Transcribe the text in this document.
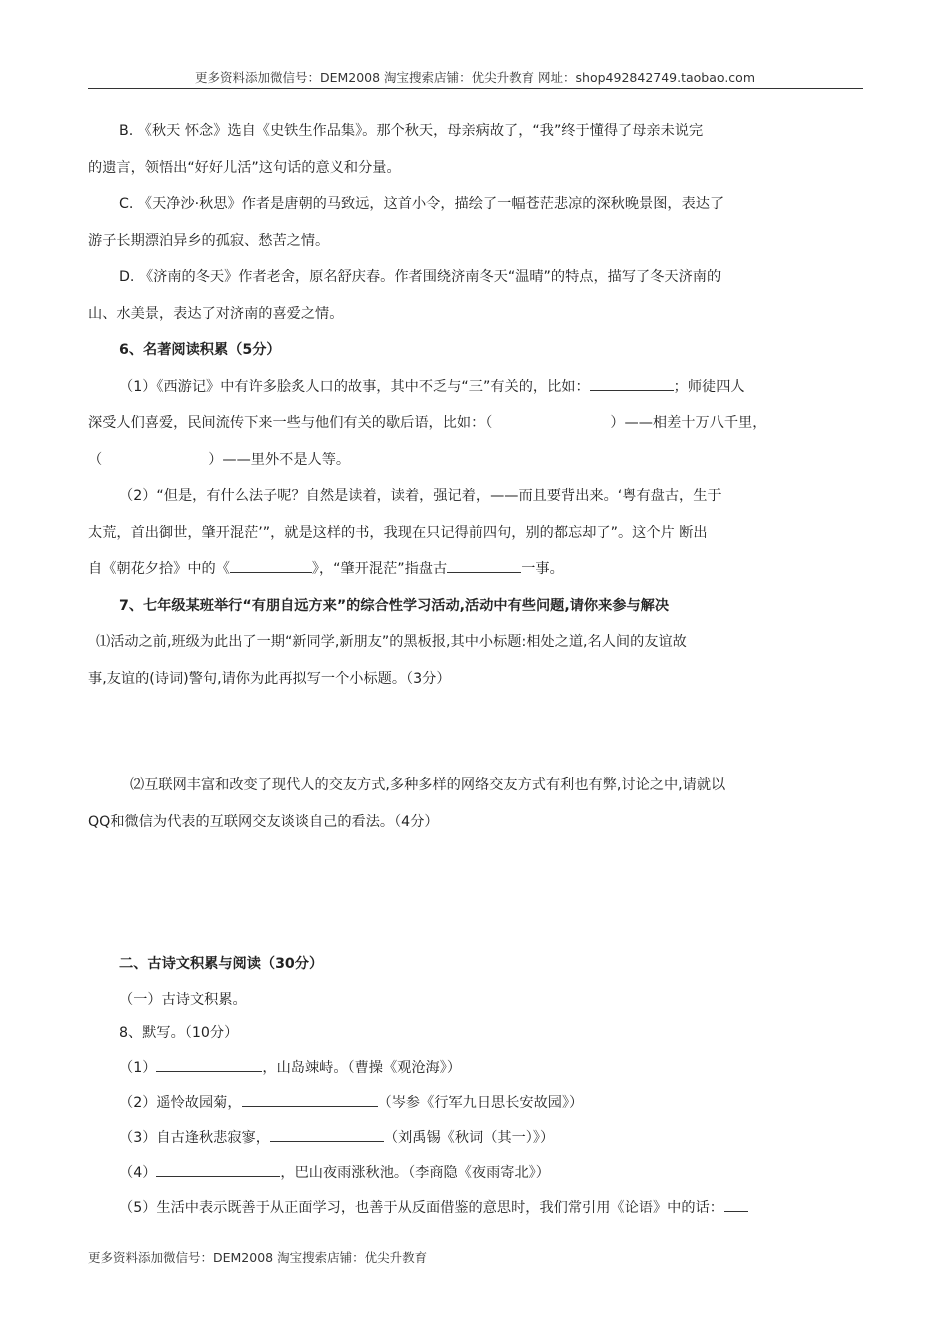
更多资料添加微信号：DEM2008 淘宝搜索店铺：优尖升教育 网址：shop492842749.taobao.com
B. 《秋天 怀念》选自《史铁生作品集》。那个秋天，母亲病故了，“我”终于懂得了母亲未说完
的遗言，领悟出“好好儿活”这句话的意义和分量。
C. 《天净沙·秋思》作者是唐朝的马致远，这首小令，描绘了一幅苍茫悲凉的深秋晚景图，表达了
游子长期漂泊异乡的孤寂、愁苦之情。
D. 《济南的冬天》作者老舍，原名舒庆春。作者围绕济南冬天“温晴”的特点，描写了冬天济南的
山、水美景，表达了对济南的喜爱之情。
6、名著阅读积累（5分）
（1）《西游记》中有许多脍炙人口的故事，其中不乏与“三”有关的，比如：	；师徒四人
深受人们喜爱，民间流传下来一些与他们有关的歇后语，比如：（	）——相差十万八千里，
（	）——里外不是人等。
（2）“但是，有什么法子呢？自然是读着，读着，强记着，——而且要背出来。‘粤有盘古，生于
太荒，首出御世，肇开混茫’”，就是这样的书，我现在只记得前四句，别的都忘却了”。这个片 断出
自《朝花夕拾》中的《	》，“肇开混茫”指盘古	一事。
7、七年级某班举行“有朋自远方来”的综合性学习活动,活动中有些问题,请你来参与解决
⑴活动之前,班级为此出了一期“新同学,新朋友”的黑板报,其中小标题:相处之道,名人间的友谊故
事,友谊的(诗词)警句,请你为此再拟写一个小标题。（3分）
⑵互联网丰富和改变了现代人的交友方式,多种多样的网络交友方式有利也有弊,讨论之中,请就以
QQ和微信为代表的互联网交友谈谈自己的看法。（4分）
二、古诗文积累与阅读（30分）
（一）古诗文积累。
8、默写。（10分）
（1）	，山岛竦峙。（曹操《观沧海》）
（2）遥怜故园菊，	（岑参《行军九日思长安故园》）
（3）自古逢秋悲寂寥，	（刘禹锡《秋词（其一）》）
（4）	，巴山夜雨涨秋池。（李商隐《夜雨寄北》）
（5）生活中表示既善于从正面学习，也善于从反面借鉴的意思时，我们常引用《论语》中的话：
更多资料添加微信号：DEM2008 淘宝搜索店铺：优尖升教育
